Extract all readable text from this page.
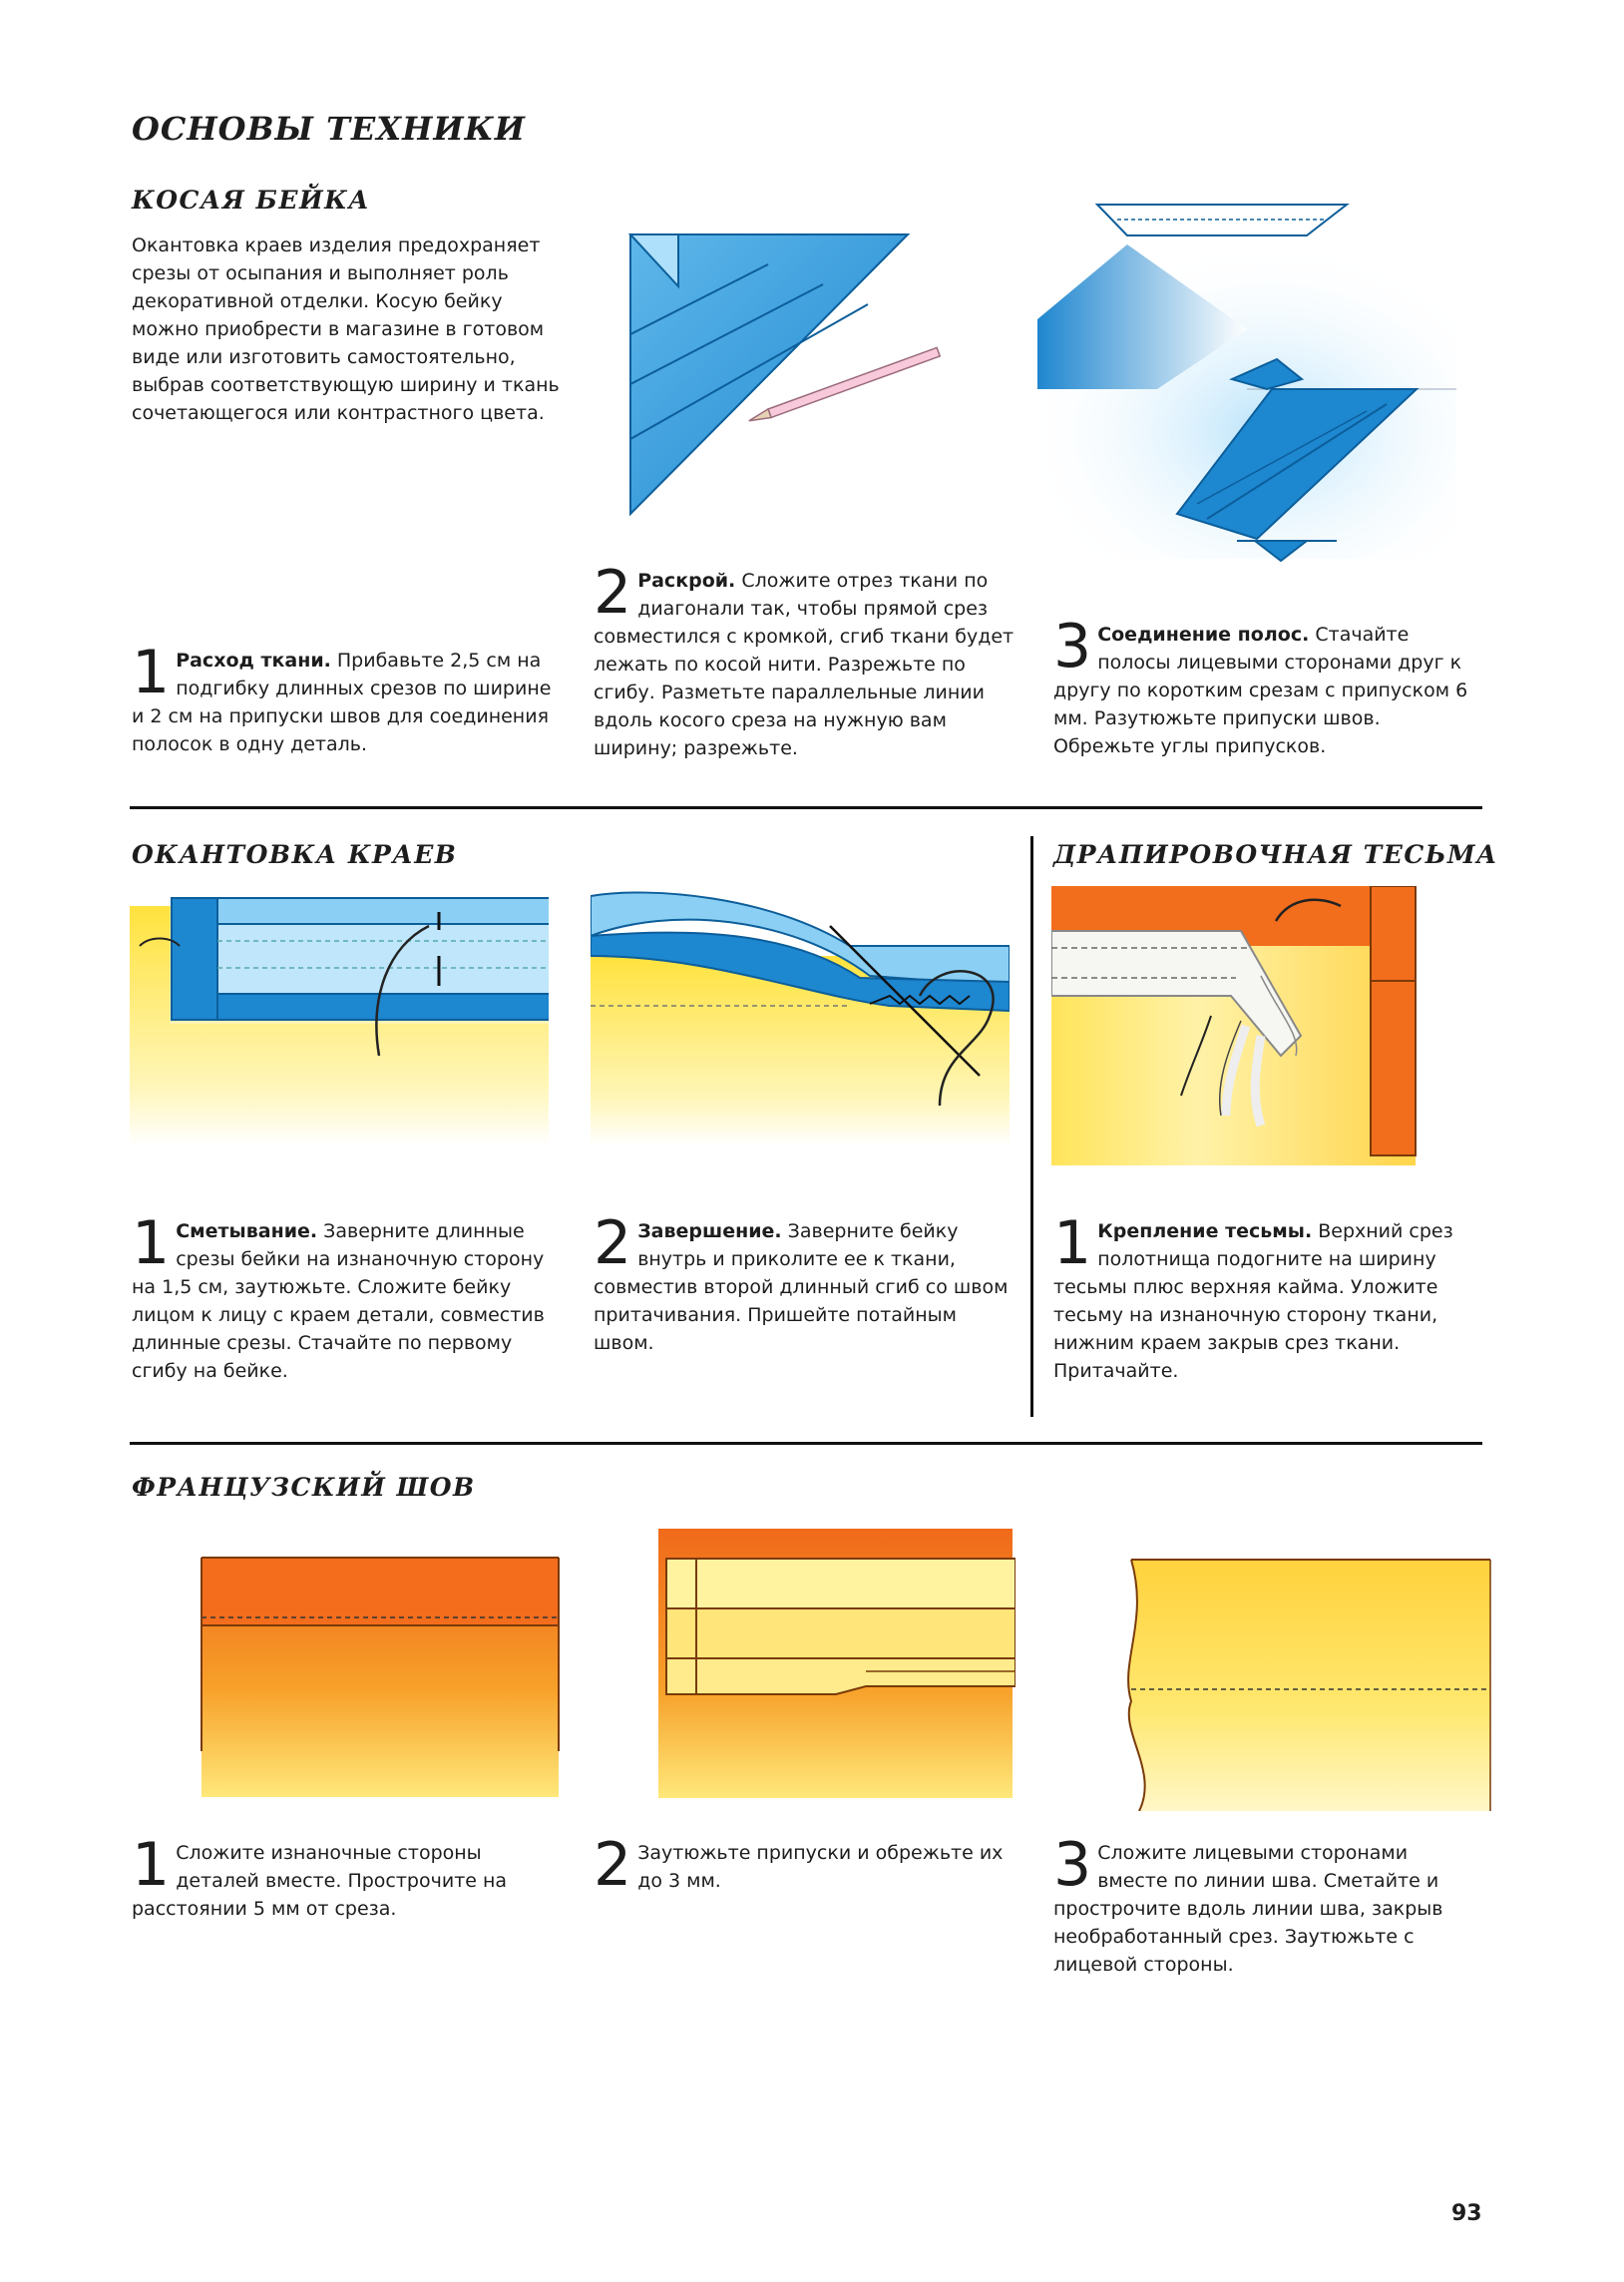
ОСНОВЫ ТЕХНИКИ
КОСАЯ БЕЙКА
Окантовка краев изделия предохраняет срезы от осыпания и выполняет роль декоративной отделки. Косую бейку можно приобрести в магазине в готовом виде или изготовить самостоятельно, выбрав соответствующую ширину и ткань сочетающегося или контрастного цвета.
1 Расход ткани. Прибавьте 2,5 см на подгибку длинных срезов по ширине и 2 см на припуски швов для соединения полосок в одну деталь.
2 Раскрой. Сложите отрез ткани по диагонали так, чтобы прямой срез совместился с кромкой, сгиб ткани будет лежать по косой нити. Разрежьте по сгибу. Разметьте параллельные линии вдоль косого среза на нужную вам ширину; разрежьте.
3 Соединение полос. Стачайте полосы лицевыми сторонами друг к другу по коротким срезам с припуском 6 мм. Разутюжьте припуски швов. Обрежьте углы припусков.
ОКАНТОВКА КРАЕВ
1 Сметывание. Заверните длинные срезы бейки на изнаночную сторону на 1,5 см, заутюжьте. Сложите бейку лицом к лицу с краем детали, совместив длинные срезы. Стачайте по первому сгибу на бейке.
2 Завершение. Заверните бейку внутрь и приколите ее к ткани, совместив второй длинный сгиб со швом притачивания. Пришейте потайным швом.
ДРАПИРОВОЧНАЯ ТЕСЬМА
1 Крепление тесьмы. Верхний срез полотнища подогните на ширину тесьмы плюс верхняя кайма. Уложите тесьму на изнаночную сторону ткани, нижним краем закрыв срез ткани. Притачайте.
ФРАНЦУЗСКИЙ ШОВ
1 Сложите изнаночные стороны деталей вместе. Прострочите на расстоянии 5 мм от среза.
2 Заутюжьте припуски и обрежьте их до 3 мм.	3 Сложите лицевыми сторонами вместе по линии шва. Сметайте и прострочите вдоль линии шва, закрыв необработанный срез. Заутюжьте с лицевой стороны.
93
